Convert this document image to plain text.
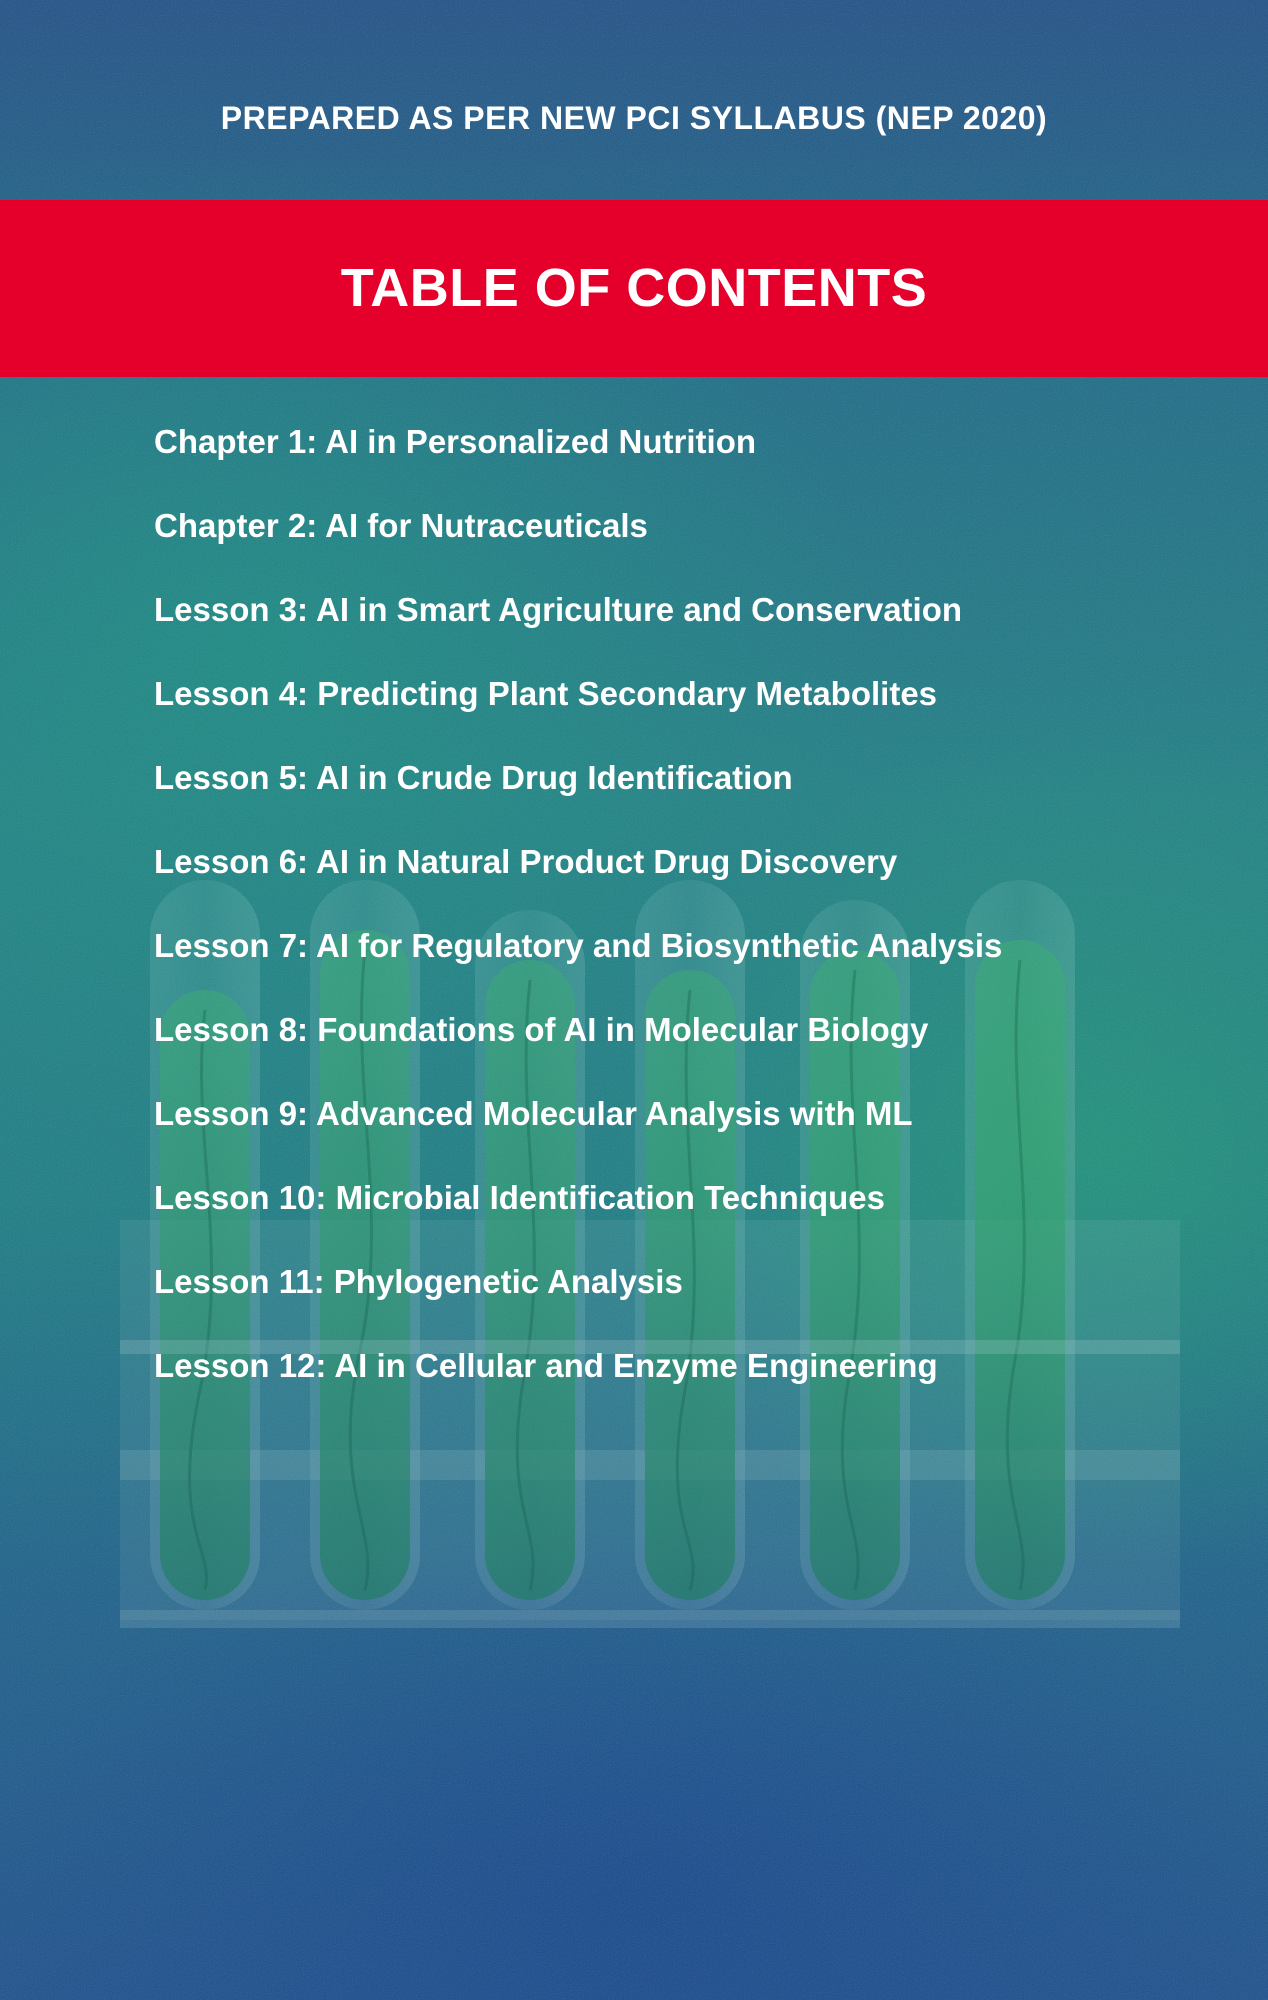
PREPARED AS PER NEW PCI SYLLABUS (NEP 2020)
TABLE OF CONTENTS
Chapter 1: AI in Personalized Nutrition
Chapter 2: AI for Nutraceuticals
Lesson 3: AI in Smart Agriculture and Conservation
Lesson 4: Predicting Plant Secondary Metabolites
Lesson 5: AI in Crude Drug Identification
Lesson 6: AI in Natural Product Drug Discovery
Lesson 7: AI for Regulatory and Biosynthetic Analysis
Lesson 8: Foundations of AI in Molecular Biology
Lesson 9: Advanced Molecular Analysis with ML
Lesson 10: Microbial Identification Techniques
Lesson 11: Phylogenetic Analysis
Lesson 12: AI in Cellular and Enzyme Engineering
